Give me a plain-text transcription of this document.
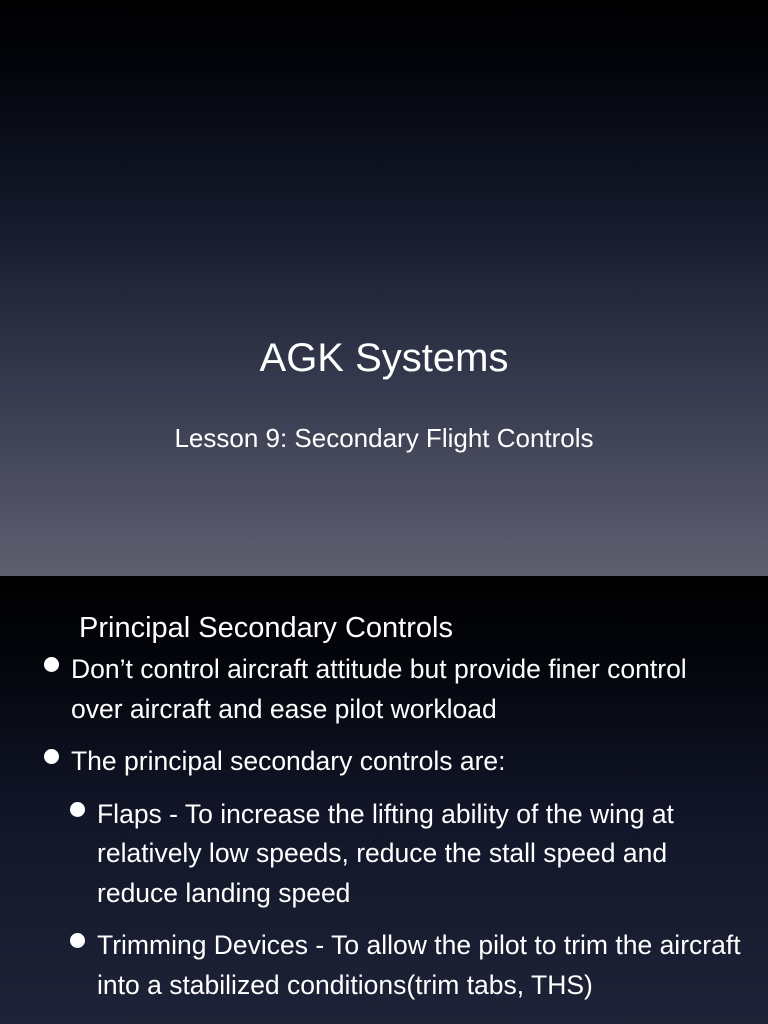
AGK Systems
Lesson 9: Secondary Flight Controls
Principal Secondary Controls
Don’t control aircraft attitude but provide finer control over aircraft and ease pilot workload
The principal secondary controls are:
Flaps - To increase the lifting ability of the wing at relatively low speeds, reduce the stall speed and reduce landing speed
Trimming Devices - To allow the pilot to trim the aircraft into a stabilized conditions(trim tabs, THS)
